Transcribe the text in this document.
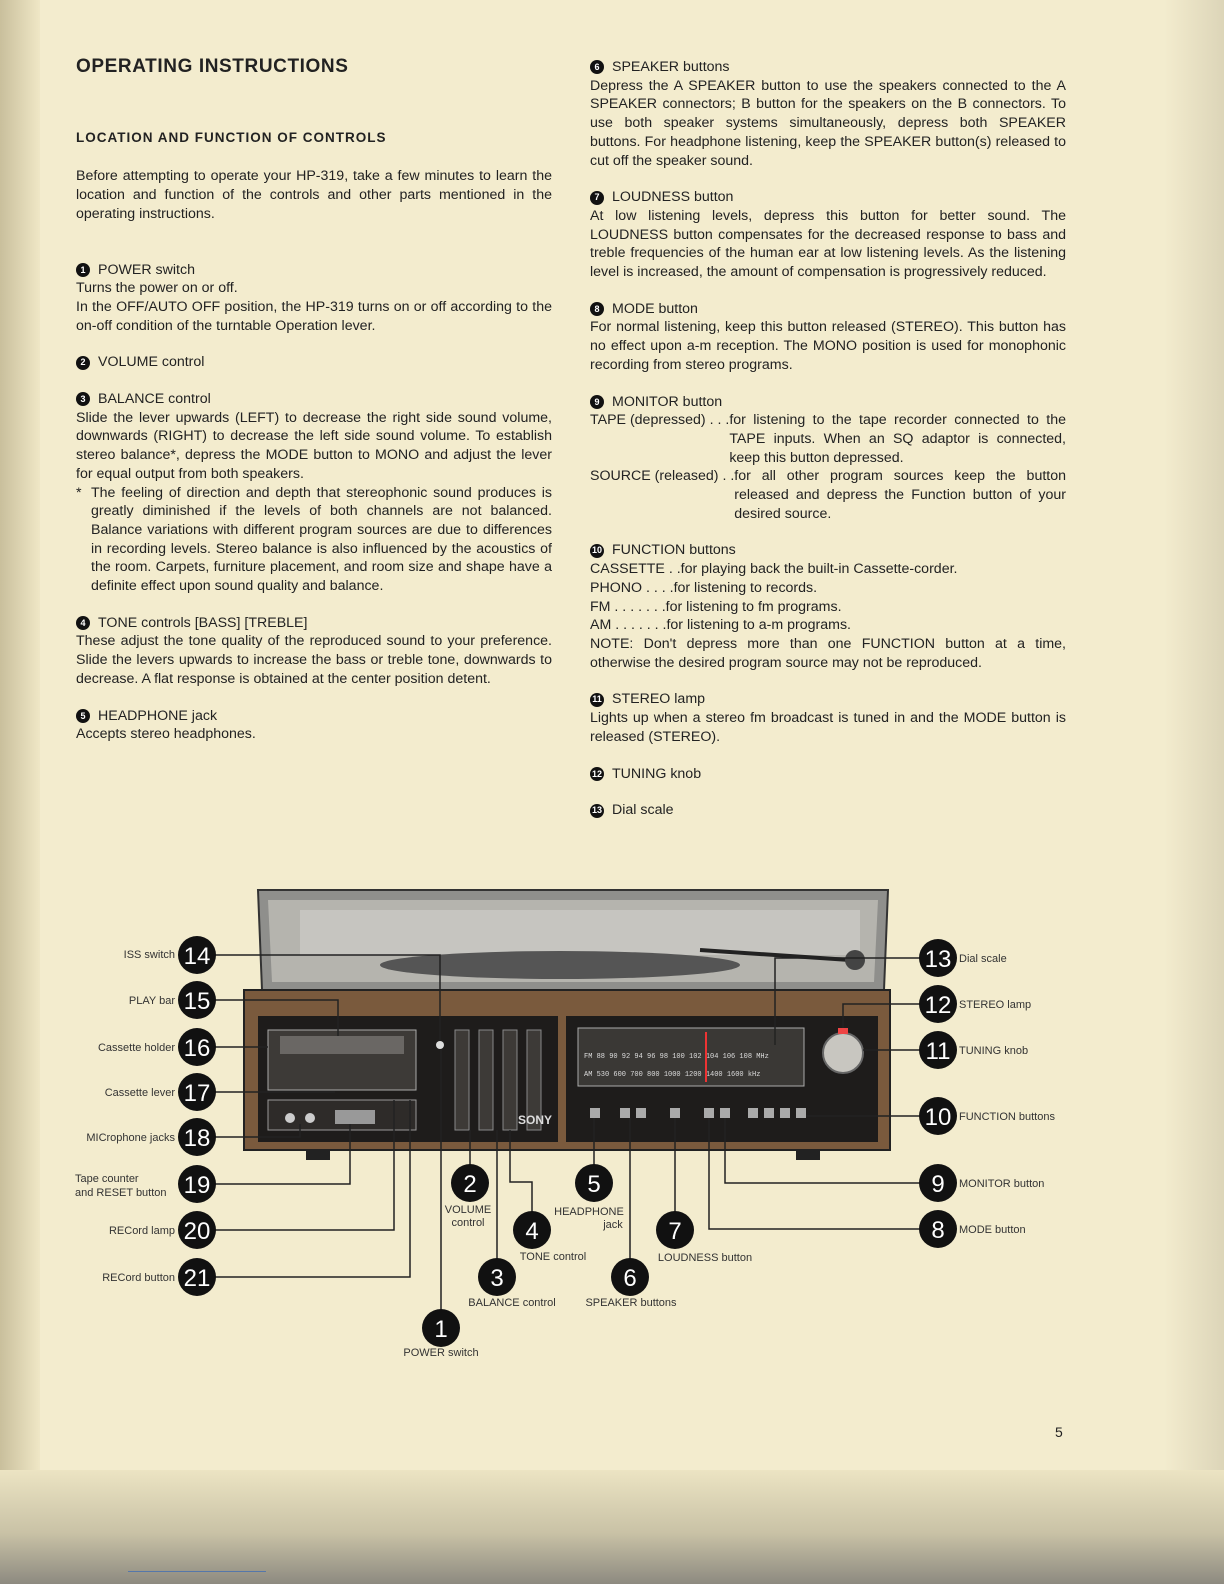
OPERATING INSTRUCTIONS
LOCATION AND FUNCTION OF CONTROLS

Before attempting to operate your HP-319, take a few minutes to learn the location and function of the controls and other parts mentioned in the operating instructions.

1 POWER switch

Turns the power on or off.

In the OFF/AUTO OFF position, the HP-319 turns on or off according to the on-off condition of the turntable Operation lever.

2 VOLUME control
3 BALANCE control

Slide the lever upwards (LEFT) to decrease the right side sound volume, downwards (RIGHT) to decrease the left side sound volume. To establish stereo balance*, depress the MODE button to MONO and adjust the lever for equal output from both speakers.

* The feeling of direction and depth that stereophonic sound produces is greatly diminished if the levels of both channels are not balanced. Balance variations with different program sources are due to differences in recording levels. Stereo balance is also influenced by the acoustics of the room. Carpets, furniture placement, and room size and shape have a definite effect upon sound quality and balance.

4 TONE controls [BASS] [TREBLE]

These adjust the tone quality of the reproduced sound to your preference. Slide the levers upwards to increase the bass or treble tone, downwards to decrease. A flat response is obtained at the center position detent.

5 HEADPHONE jack

Accepts stereo headphones.

6 SPEAKER buttons

Depress the A SPEAKER button to use the speakers connected to the A SPEAKER connectors; B button for the speakers on the B connectors. To use both speaker systems simultaneously, depress both SPEAKER buttons. For headphone listening, keep the SPEAKER button(s) released to cut off the speaker sound.

7 LOUDNESS button

At low listening levels, depress this button for better sound. The LOUDNESS button compensates for the decreased response to bass and treble frequencies of the human ear at low listening levels. As the listening level is increased, the amount of compensation is progressively reduced.

8 MODE button

For normal listening, keep this button released (STEREO). This button has no effect upon a-m reception. The MONO position is used for monophonic recording from stereo programs.

9 MONITOR button
TAPE (depressed) . . . for listening to the tape recorder connected to the TAPE inputs. When an SQ adaptor is connected, keep this button depressed.
SOURCE (released) . . for all other program sources keep the button released and depress the Function button of your desired source.
10 FUNCTION buttons
CASSETTE . . for playing back the built-in Cassette-corder.
PHONO . . . . for listening to records.
FM . . . . . . . for listening to fm programs.
AM . . . . . . . for listening to a-m programs.

NOTE: Don't depress more than one FUNCTION button at a time, otherwise the desired program source may not be reproduced.

11 STEREO lamp

Lights up when a stereo fm broadcast is tuned in and the MODE button is released (STEREO).

12 TUNING knob
13 Dial scale
SONY
FM 88 90 92 94 96 98 100 102 104 106 108 MHz
AM 530 600 700 800 1000 1200 1400 1600 kHz
14
15
16
17
18
19
20
21
13
12
11
10
9
8
2	5
4	7
3	6
1
ISS switch
PLAY bar
Cassette holder
Cassette lever
MICrophone jacks
Tape counter
and RESET button
RECord lamp
RECord button
Dial scale
STEREO lamp
TUNING knob
FUNCTION buttons
MONITOR button
MODE button
VOLUME
control
HEADPHONE
jack
TONE control	LOUDNESS button
BALANCE control	SPEAKER buttons
POWER switch
5
